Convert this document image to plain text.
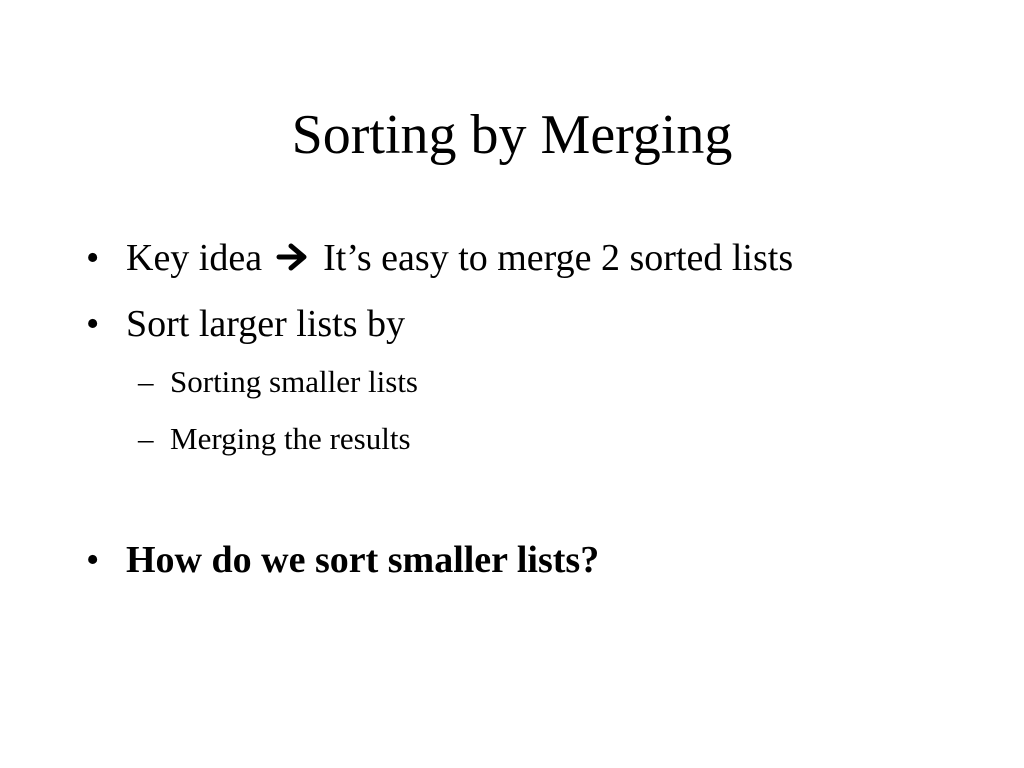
Sorting by Merging
• Key idea It’s easy to merge 2 sorted lists
• Sort larger lists by
– Sorting smaller lists
– Merging the results
• How do we sort smaller lists?
